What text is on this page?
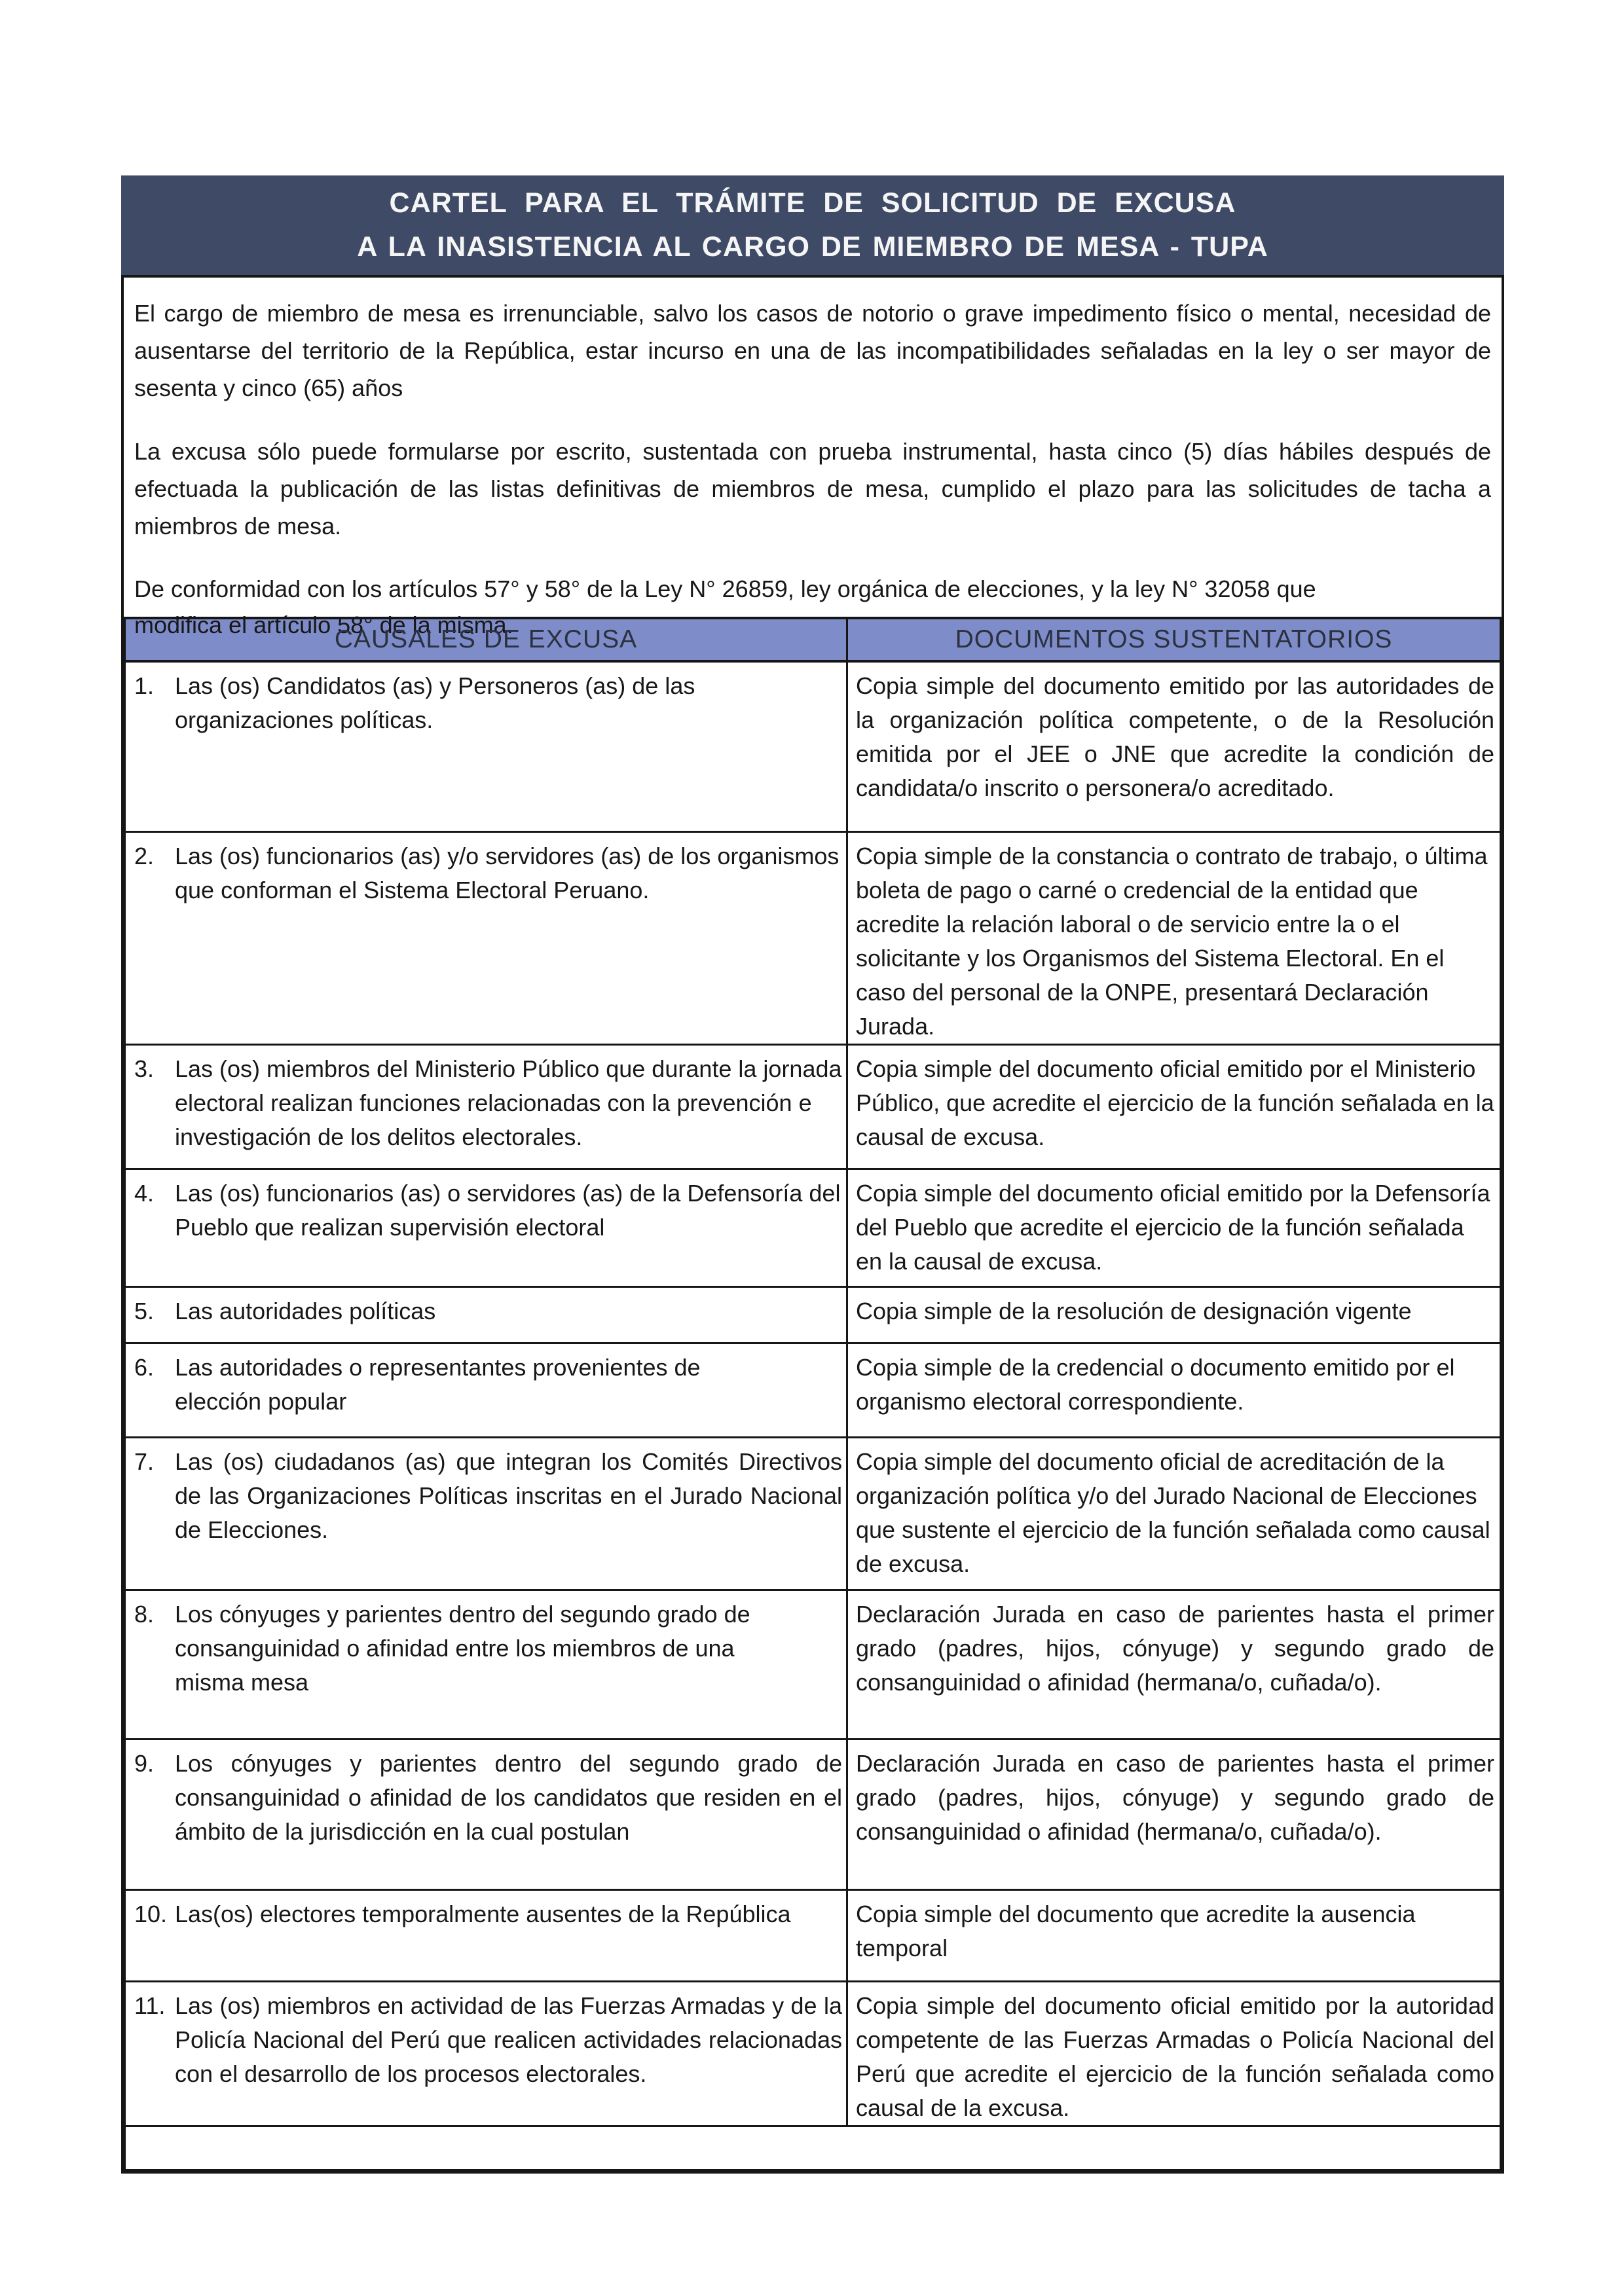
CARTEL PARA EL TRÁMITE DE SOLICITUD DE EXCUSA
A LA INASISTENCIA AL CARGO DE MIEMBRO DE MESA - TUPA

El cargo de miembro de mesa es irrenunciable, salvo los casos de notorio o grave impedimento físico o mental, necesidad de ausentarse del territorio de la República, estar incurso en una de las incompatibilidades señaladas en la ley o ser mayor de sesenta y cinco (65) años

La excusa sólo puede formularse por escrito, sustentada con prueba instrumental, hasta cinco (5) días hábiles después de efectuada la publicación de las listas definitivas de miembros de mesa, cumplido el plazo para las solicitudes de tacha a miembros de mesa.

De conformidad con los artículos 57° y 58° de la Ley N° 26859, ley orgánica de elecciones, y la ley N° 32058 que modifica el artículo 58° de la misma.

CAUSALES DE EXCUSA	DOCUMENTOS SUSTENTATORIOS

1. Las (os) Candidatos (as) y Personeros (as) de las organizaciones políticas.	Copia simple del documento emitido por las autoridades de la organización política competente, o de la Resolución emitida por el JEE o JNE que acredite la condición de candidata/o inscrito o personera/o acreditado.

2. Las (os) funcionarios (as) y/o servidores (as) de los organismos que conforman el Sistema Electoral Peruano.	Copia simple de la constancia o contrato de trabajo, o última boleta de pago o carné o credencial de la entidad que acredite la relación laboral o de servicio entre la o el solicitante y los Organismos del Sistema Electoral. En el caso del personal de la ONPE, presentará Declaración Jurada.

3. Las (os) miembros del Ministerio Público que durante la jornada electoral realizan funciones relacionadas con la prevención e investigación de los delitos electorales.	Copia simple del documento oficial emitido por el Ministerio Público, que acredite el ejercicio de la función señalada en la causal de excusa.

4. Las (os) funcionarios (as) o servidores (as) de la Defensoría del Pueblo que realizan supervisión electoral	Copia simple del documento oficial emitido por la Defensoría del Pueblo que acredite el ejercicio de la función señalada en la causal de excusa.

5. Las autoridades políticas	Copia simple de la resolución de designación vigente

6. Las autoridades o representantes provenientes de elección popular	Copia simple de la credencial o documento emitido por el organismo electoral correspondiente.

7. Las (os) ciudadanos (as) que integran los Comités Directivos de las Organizaciones Políticas inscritas en el Jurado Nacional de Elecciones.	Copia simple del documento oficial de acreditación de la organización política y/o del Jurado Nacional de Elecciones que sustente el ejercicio de la función señalada como causal de excusa.

8. Los cónyuges y parientes dentro del segundo grado de consanguinidad o afinidad entre los miembros de una misma mesa	Declaración Jurada en caso de parientes hasta el primer grado (padres, hijos, cónyuge) y segundo grado de consanguinidad o afinidad (hermana/o, cuñada/o).

9. Los cónyuges y parientes dentro del segundo grado de consanguinidad o afinidad de los candidatos que residen en el ámbito de la jurisdicción en la cual postulan	Declaración Jurada en caso de parientes hasta el primer grado (padres, hijos, cónyuge) y segundo grado de consanguinidad o afinidad (hermana/o, cuñada/o).

10. Las(os) electores temporalmente ausentes de la República	Copia simple del documento que acredite la ausencia temporal

11. Las (os) miembros en actividad de las Fuerzas Armadas y de la Policía Nacional del Perú que realicen actividades relacionadas con el desarrollo de los procesos electorales.	Copia simple del documento oficial emitido por la autoridad competente de las Fuerzas Armadas o Policía Nacional del Perú que acredite el ejercicio de la función señalada como causal de la excusa.
